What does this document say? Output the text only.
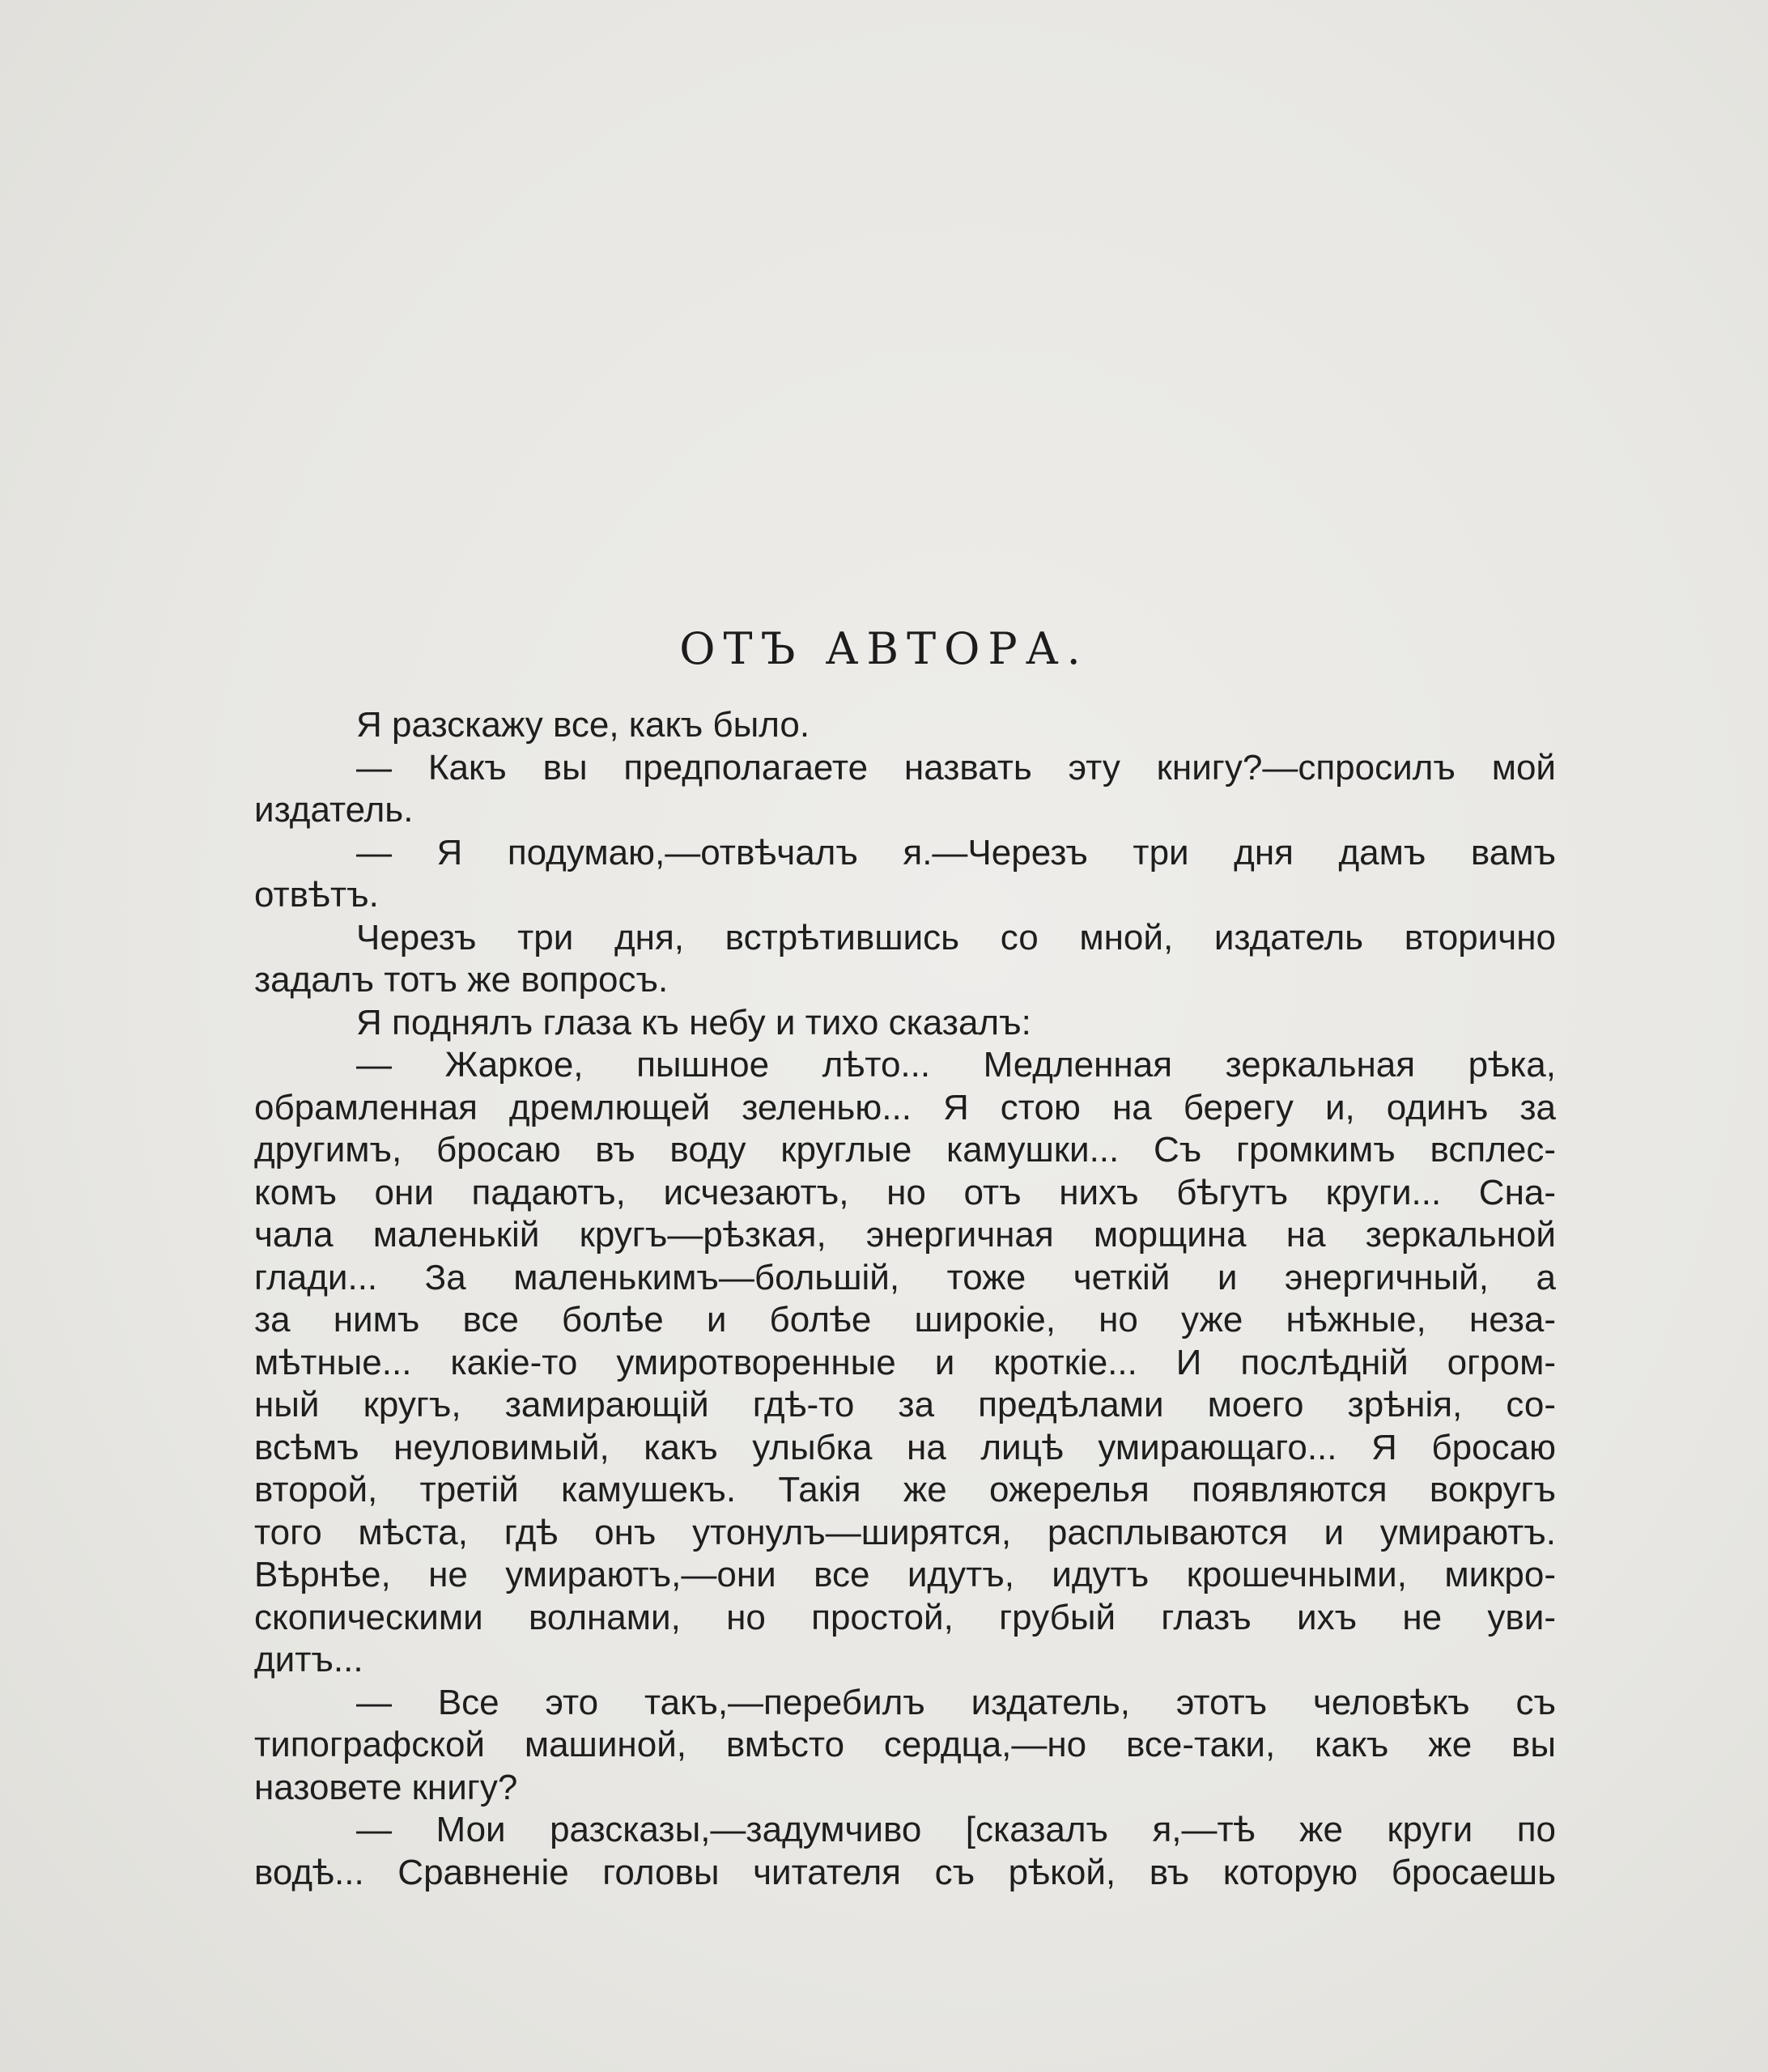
ОТЪ АВТОРА.
Я разскажу все, какъ было.
— Какъ вы предполагаете назвать эту книгу?—спросилъ мой
издатель.
— Я подумаю,—отвѣчалъ я.—Черезъ три дня дамъ вамъ
отвѣтъ.
Черезъ три дня, встрѣтившись со мной, издатель вторично
задалъ тотъ же вопросъ.
Я поднялъ глаза къ небу и тихо сказалъ:
— Жаркое, пышное лѣто... Медленная зеркальная рѣка,
обрамленная дремлющей зеленью... Я стою на берегу и, одинъ за
другимъ, бросаю въ воду круглые камушки... Съ громкимъ всплес-
комъ они падаютъ, исчезаютъ, но отъ нихъ бѣгутъ круги... Сна-
чала маленькій кругъ—рѣзкая, энергичная морщина на зеркальной
глади... За маленькимъ—большій, тоже четкій и энергичный, а
за нимъ все болѣе и болѣе широкіе, но уже нѣжные, неза-
мѣтные... какіе-то умиротворенные и кроткіе... И послѣдній огром-
ный кругъ, замирающій гдѣ-то за предѣлами моего зрѣнія, со-
всѣмъ неуловимый, какъ улыбка на лицѣ умирающаго... Я бросаю
второй, третій камушекъ. Такія же ожерелья появляются вокругъ
того мѣста, гдѣ онъ утонулъ—ширятся, расплываются и умираютъ.
Вѣрнѣе, не умираютъ,—они все идутъ, идутъ крошечными, микро-
скопическими волнами, но простой, грубый глазъ ихъ не уви-
дитъ...
— Все это такъ,—перебилъ издатель, этотъ человѣкъ съ
типографской машиной, вмѣсто сердца,—но все-таки, какъ же вы
назовете книгу?
— Мои разсказы,—задумчиво [сказалъ я,—тѣ же круги по
водѣ... Сравненіе головы читателя съ рѣкой, въ которую бросаешь
